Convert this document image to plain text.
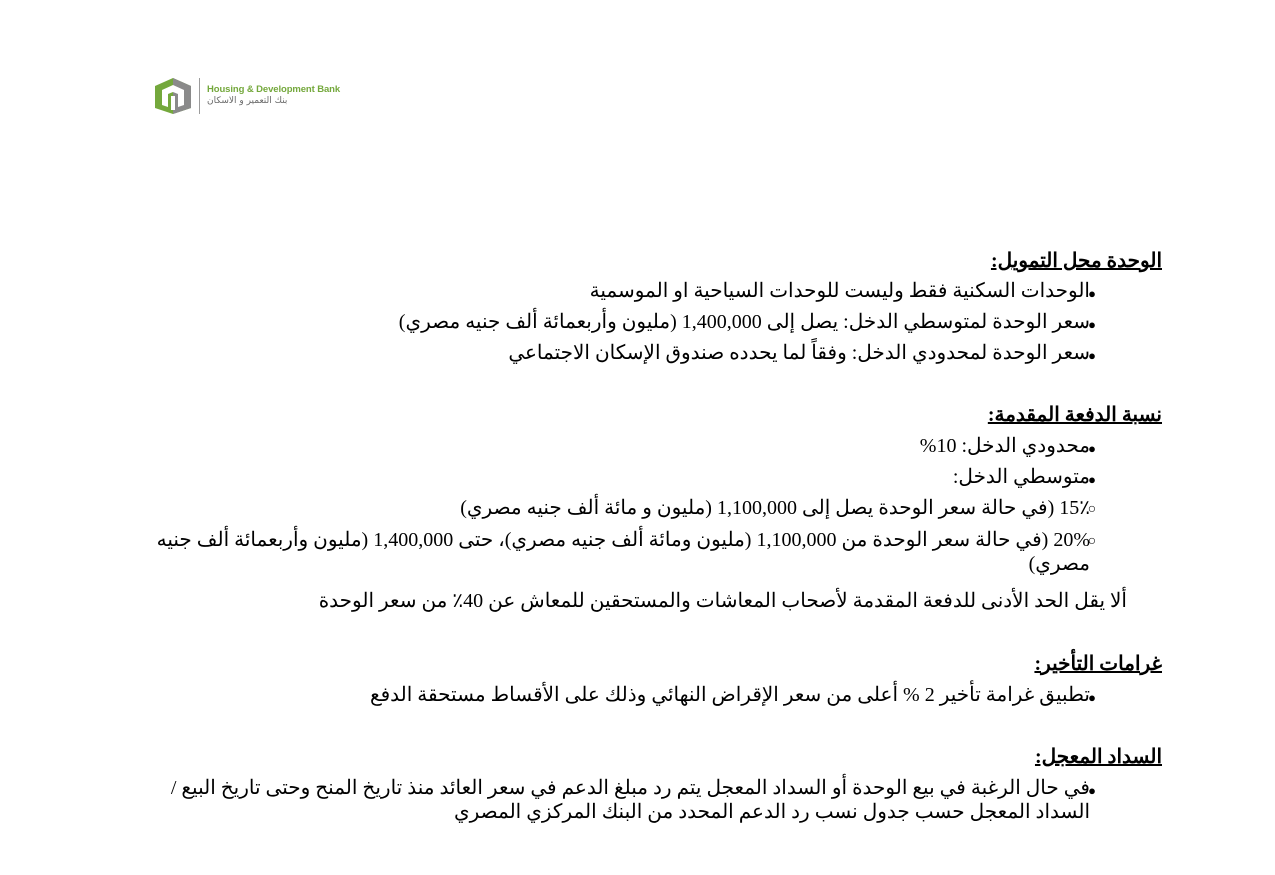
Housing & Development Bank
بنك التعمير و الاسكان
الوحدة محل التمويل:
●
الوحدات السكنية فقط وليست للوحدات السياحية او الموسمية
●
سعر الوحدة لمتوسطي الدخل: يصل إلى 1,400,000 (مليون وأربعمائة ألف جنيه مصري)
●
سعر الوحدة لمحدودي الدخل: وفقاً لما يحدده صندوق الإسكان الاجتماعي
نسبة الدفعة المقدمة:
●
محدودي الدخل: 10%
●
متوسطي الدخل:
○
15٪ (في حالة سعر الوحدة يصل إلى 1,100,000 (مليون و مائة ألف جنيه مصري)
○
20% (في حالة سعر الوحدة من 1,100,000 (مليون ومائة ألف جنيه مصري)، حتى 1,400,000 (مليون وأربعمائة ألف جنيه مصري)
ألا يقل الحد الأدنى للدفعة المقدمة لأصحاب المعاشات والمستحقين للمعاش عن 40٪ من سعر الوحدة
غرامات التأخير:
●
تطبيق غرامة تأخير 2 % أعلى من سعر الإقراض النهائي وذلك على الأقساط مستحقة الدفع
السداد المعجل:
●
في حال الرغبة في بيع الوحدة أو السداد المعجل يتم رد مبلغ الدعم في سعر العائد منذ تاريخ المنح وحتى تاريخ البيع / السداد المعجل حسب جدول نسب رد الدعم المحدد من البنك المركزي المصري
